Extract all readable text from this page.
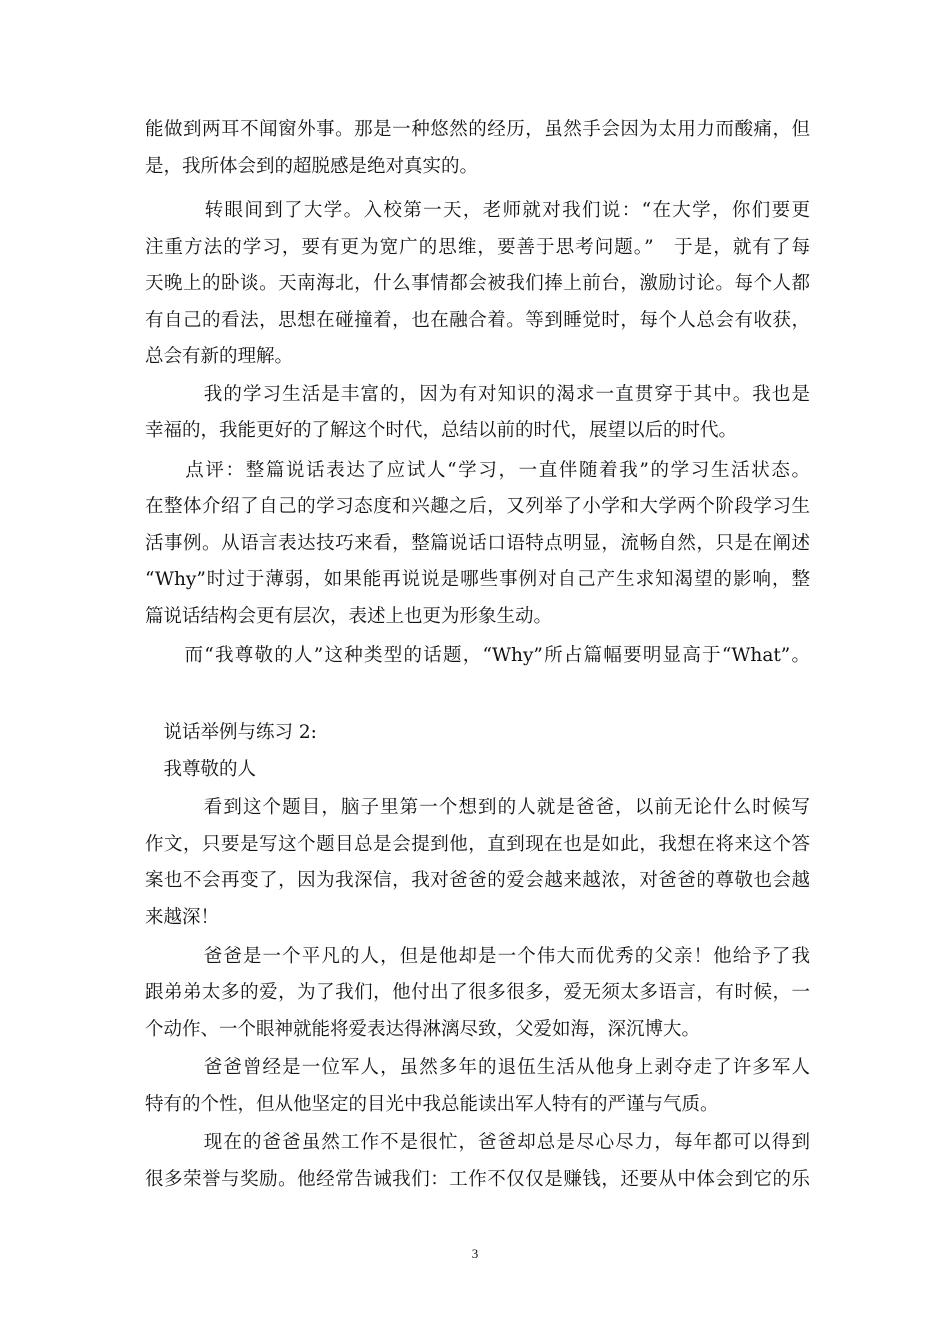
能做到两耳不闻窗外事。那是一种悠然的经历，虽然手会因为太用力而酸痛，但
是，我所体会到的超脱感是绝对真实的。
　　　转眼间到了大学。入校第一天，老师就对我们说：“在大学，你们要更
注重方法的学习，要有更为宽广的思维，要善于思考问题。”　于是，就有了每
天晚上的卧谈。天南海北，什么事情都会被我们捧上前台，激励讨论。每个人都
有自己的看法，思想在碰撞着，也在融合着。等到睡觉时，每个人总会有收获，
总会有新的理解。
　　　我的学习生活是丰富的，因为有对知识的渴求一直贯穿于其中。我也是
幸福的，我能更好的了解这个时代，总结以前的时代，展望以后的时代。
　　点评：整篇说话表达了应试人“学习，一直伴随着我”的学习生活状态。
在整体介绍了自己的学习态度和兴趣之后，又列举了小学和大学两个阶段学习生
活事例。从语言表达技巧来看，整篇说话口语特点明显，流畅自然，只是在阐述
“Why”时过于薄弱，如果能再说说是哪些事例对自己产生求知渴望的影响，整
篇说话结构会更有层次，表述上也更为形象生动。
　　而“我尊敬的人”这种类型的话题，“Why”所占篇幅要明显高于“What”。
　说话举例与练习 2:
　我尊敬的人
　　　看到这个题目，脑子里第一个想到的人就是爸爸，以前无论什么时候写
作文，只要是写这个题目总是会提到他，直到现在也是如此，我想在将来这个答
案也不会再变了，因为我深信，我对爸爸的爱会越来越浓，对爸爸的尊敬也会越
来越深！
　　　爸爸是一个平凡的人，但是他却是一个伟大而优秀的父亲！他给予了我
跟弟弟太多的爱，为了我们，他付出了很多很多，爱无须太多语言，有时候，一
个动作、一个眼神就能将爱表达得淋漓尽致，父爱如海，深沉博大。
　　　爸爸曾经是一位军人，虽然多年的退伍生活从他身上剥夺走了许多军人
特有的个性，但从他坚定的目光中我总能读出军人特有的严谨与气质。
　　　现在的爸爸虽然工作不是很忙，爸爸却总是尽心尽力，每年都可以得到
很多荣誉与奖励。他经常告诫我们：工作不仅仅是赚钱，还要从中体会到它的乐
3
